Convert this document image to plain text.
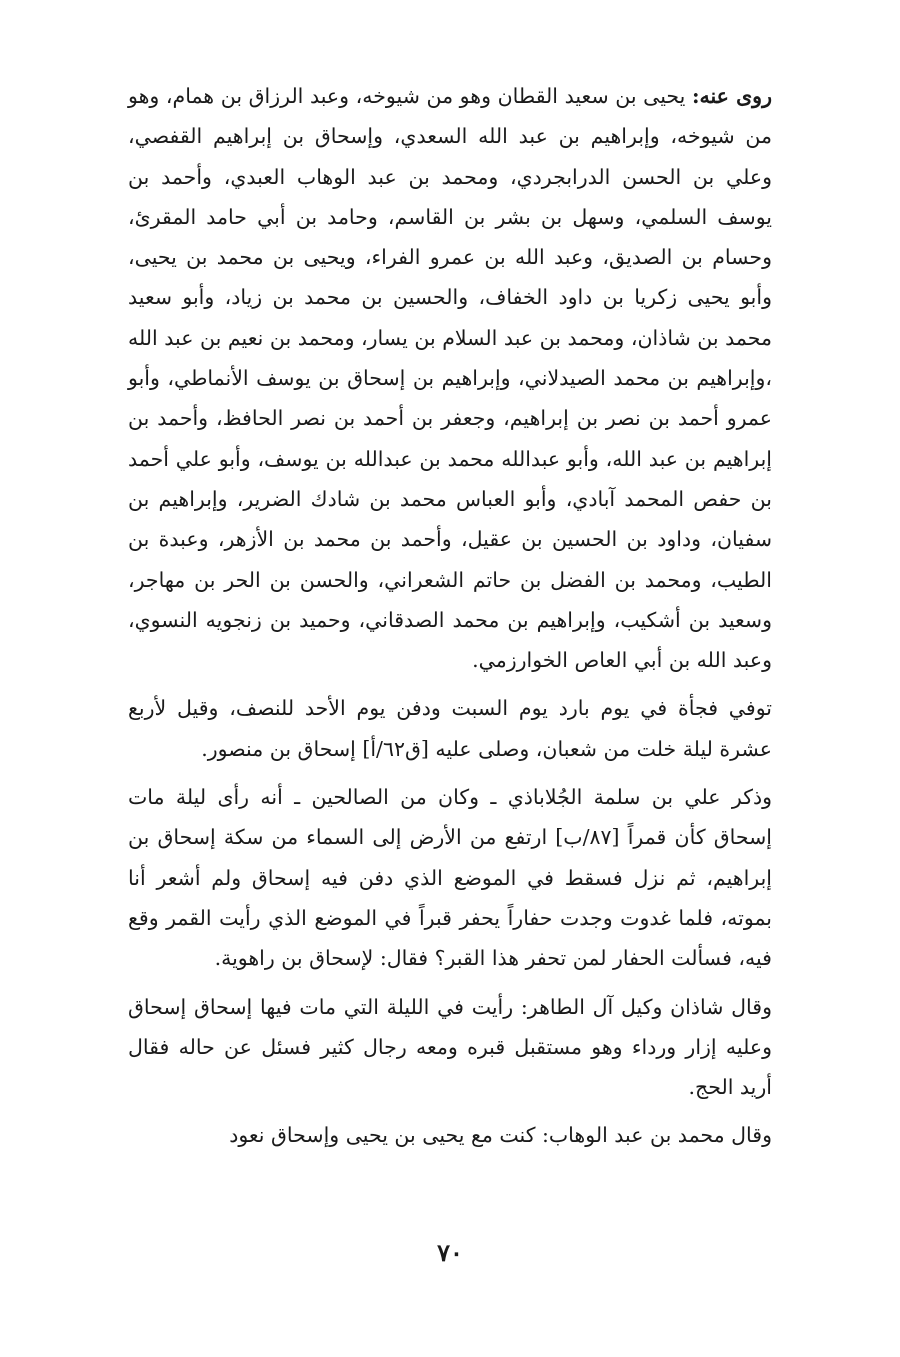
روى عنه: يحيى بن سعيد القطان وهو من شيوخه، وعبد الرزاق بن همام، وهو من شيوخه، وإبراهيم بن عبد الله السعدي، وإسحاق بن إبراهيم القفصي، وعلي بن الحسن الدرابجردي، ومحمد بن عبد الوهاب العبدي، وأحمد بن يوسف السلمي، وسهل بن بشر بن القاسم، وحامد بن أبي حامد المقرئ، وحسام بن الصديق، وعبد الله بن عمرو الفراء، ويحيى بن محمد بن يحيى، وأبو يحيى زكريا بن داود الخفاف، والحسين بن محمد بن زياد، وأبو سعيد محمد بن شاذان، ومحمد بن عبد السلام بن يسار، ومحمد بن نعيم بن عبد الله ،وإبراهيم بن محمد الصيدلاني، وإبراهيم بن إسحاق بن يوسف الأنماطي، وأبو عمرو أحمد بن نصر بن إبراهيم، وجعفر بن أحمد بن نصر الحافظ، وأحمد بن إبراهيم بن عبد الله، وأبو عبدالله محمد بن عبدالله بن يوسف، وأبو علي أحمد بن حفص المحمد آبادي، وأبو العباس محمد بن شادك الضرير، وإبراهيم بن سفيان، وداود بن الحسين بن عقيل، وأحمد بن محمد بن الأزهر، وعبدة بن الطيب، ومحمد بن الفضل بن حاتم الشعراني، والحسن بن الحر بن مهاجر، وسعيد بن أشكيب، وإبراهيم بن محمد الصدقاني، وحميد بن زنجويه النسوي، وعبد الله بن أبي العاص الخوارزمي.

توفي فجأة في يوم بارد يوم السبت ودفن يوم الأحد للنصف، وقيل لأربع عشرة ليلة خلت من شعبان، وصلى عليه [ق٦٢/أ] إسحاق بن منصور.

وذكر علي بن سلمة الجُلاباذي ـ وكان من الصالحين ـ أنه رأى ليلة مات إسحاق كأن قمراً [٨٧/ب] ارتفع من الأرض إلى السماء من سكة إسحاق بن إبراهيم، ثم نزل فسقط في الموضع الذي دفن فيه إسحاق ولم أشعر أنا بموته، فلما غدوت وجدت حفاراً يحفر قبراً في الموضع الذي رأيت القمر وقع فيه، فسألت الحفار لمن تحفر هذا القبر؟ فقال: لإسحاق بن راهوية.

وقال شاذان وكيل آل الطاهر: رأيت في الليلة التي مات فيها إسحاق إسحاق وعليه إزار ورداء وهو مستقبل قبره ومعه رجال كثير فسئل عن حاله فقال أريد الحج.

وقال محمد بن عبد الوهاب: كنت مع يحيى بن يحيى وإسحاق نعود

٧٠
